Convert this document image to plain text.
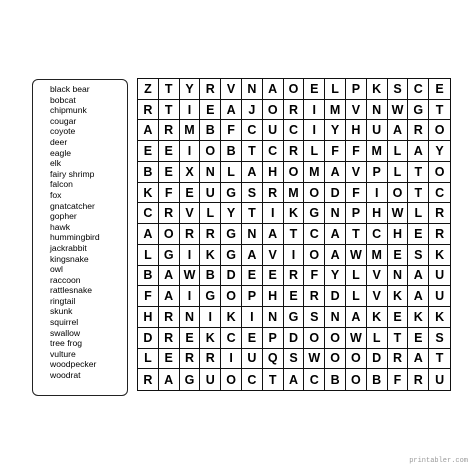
black bear
bobcat
chipmunk
cougar
coyote
deer
eagle
elk
fairy shrimp
falcon
fox
gnatcatcher
gopher
hawk
hummingbird
jackrabbit
kingsnake
owl
raccoon
rattlesnake
ringtail
skunk
squirrel
swallow
tree frog
vulture
woodpecker
woodrat
Z	T	Y R V N A O E	L	P K S C	E
R T	I	E A	J O R	I	M V N W G	T
A R M B F C U C	I	Y H U A R O
E E	I	O B T C R L	F	F M L A	Y
B E X N L A H O M A V P	L	T	O
K F	E U G S R M O D F	I	O T	C
C R V	L	Y	T	I	K G N P H W L	R
A O R R G N A T C A T C H E	R
L G	I	K G A V	I	O A W M E S	K
B A W B D E E R F	Y	L	V N A U
F A	I	G O P H E R D L	V K A U
H R N	I	K	I	N G S N A K E K K
D R E K C E P D O O W L	T	E	S
L	E R R	I	U Q S W O O D R A	T
R A G U O C T A C B O B F R U
printabler.com
